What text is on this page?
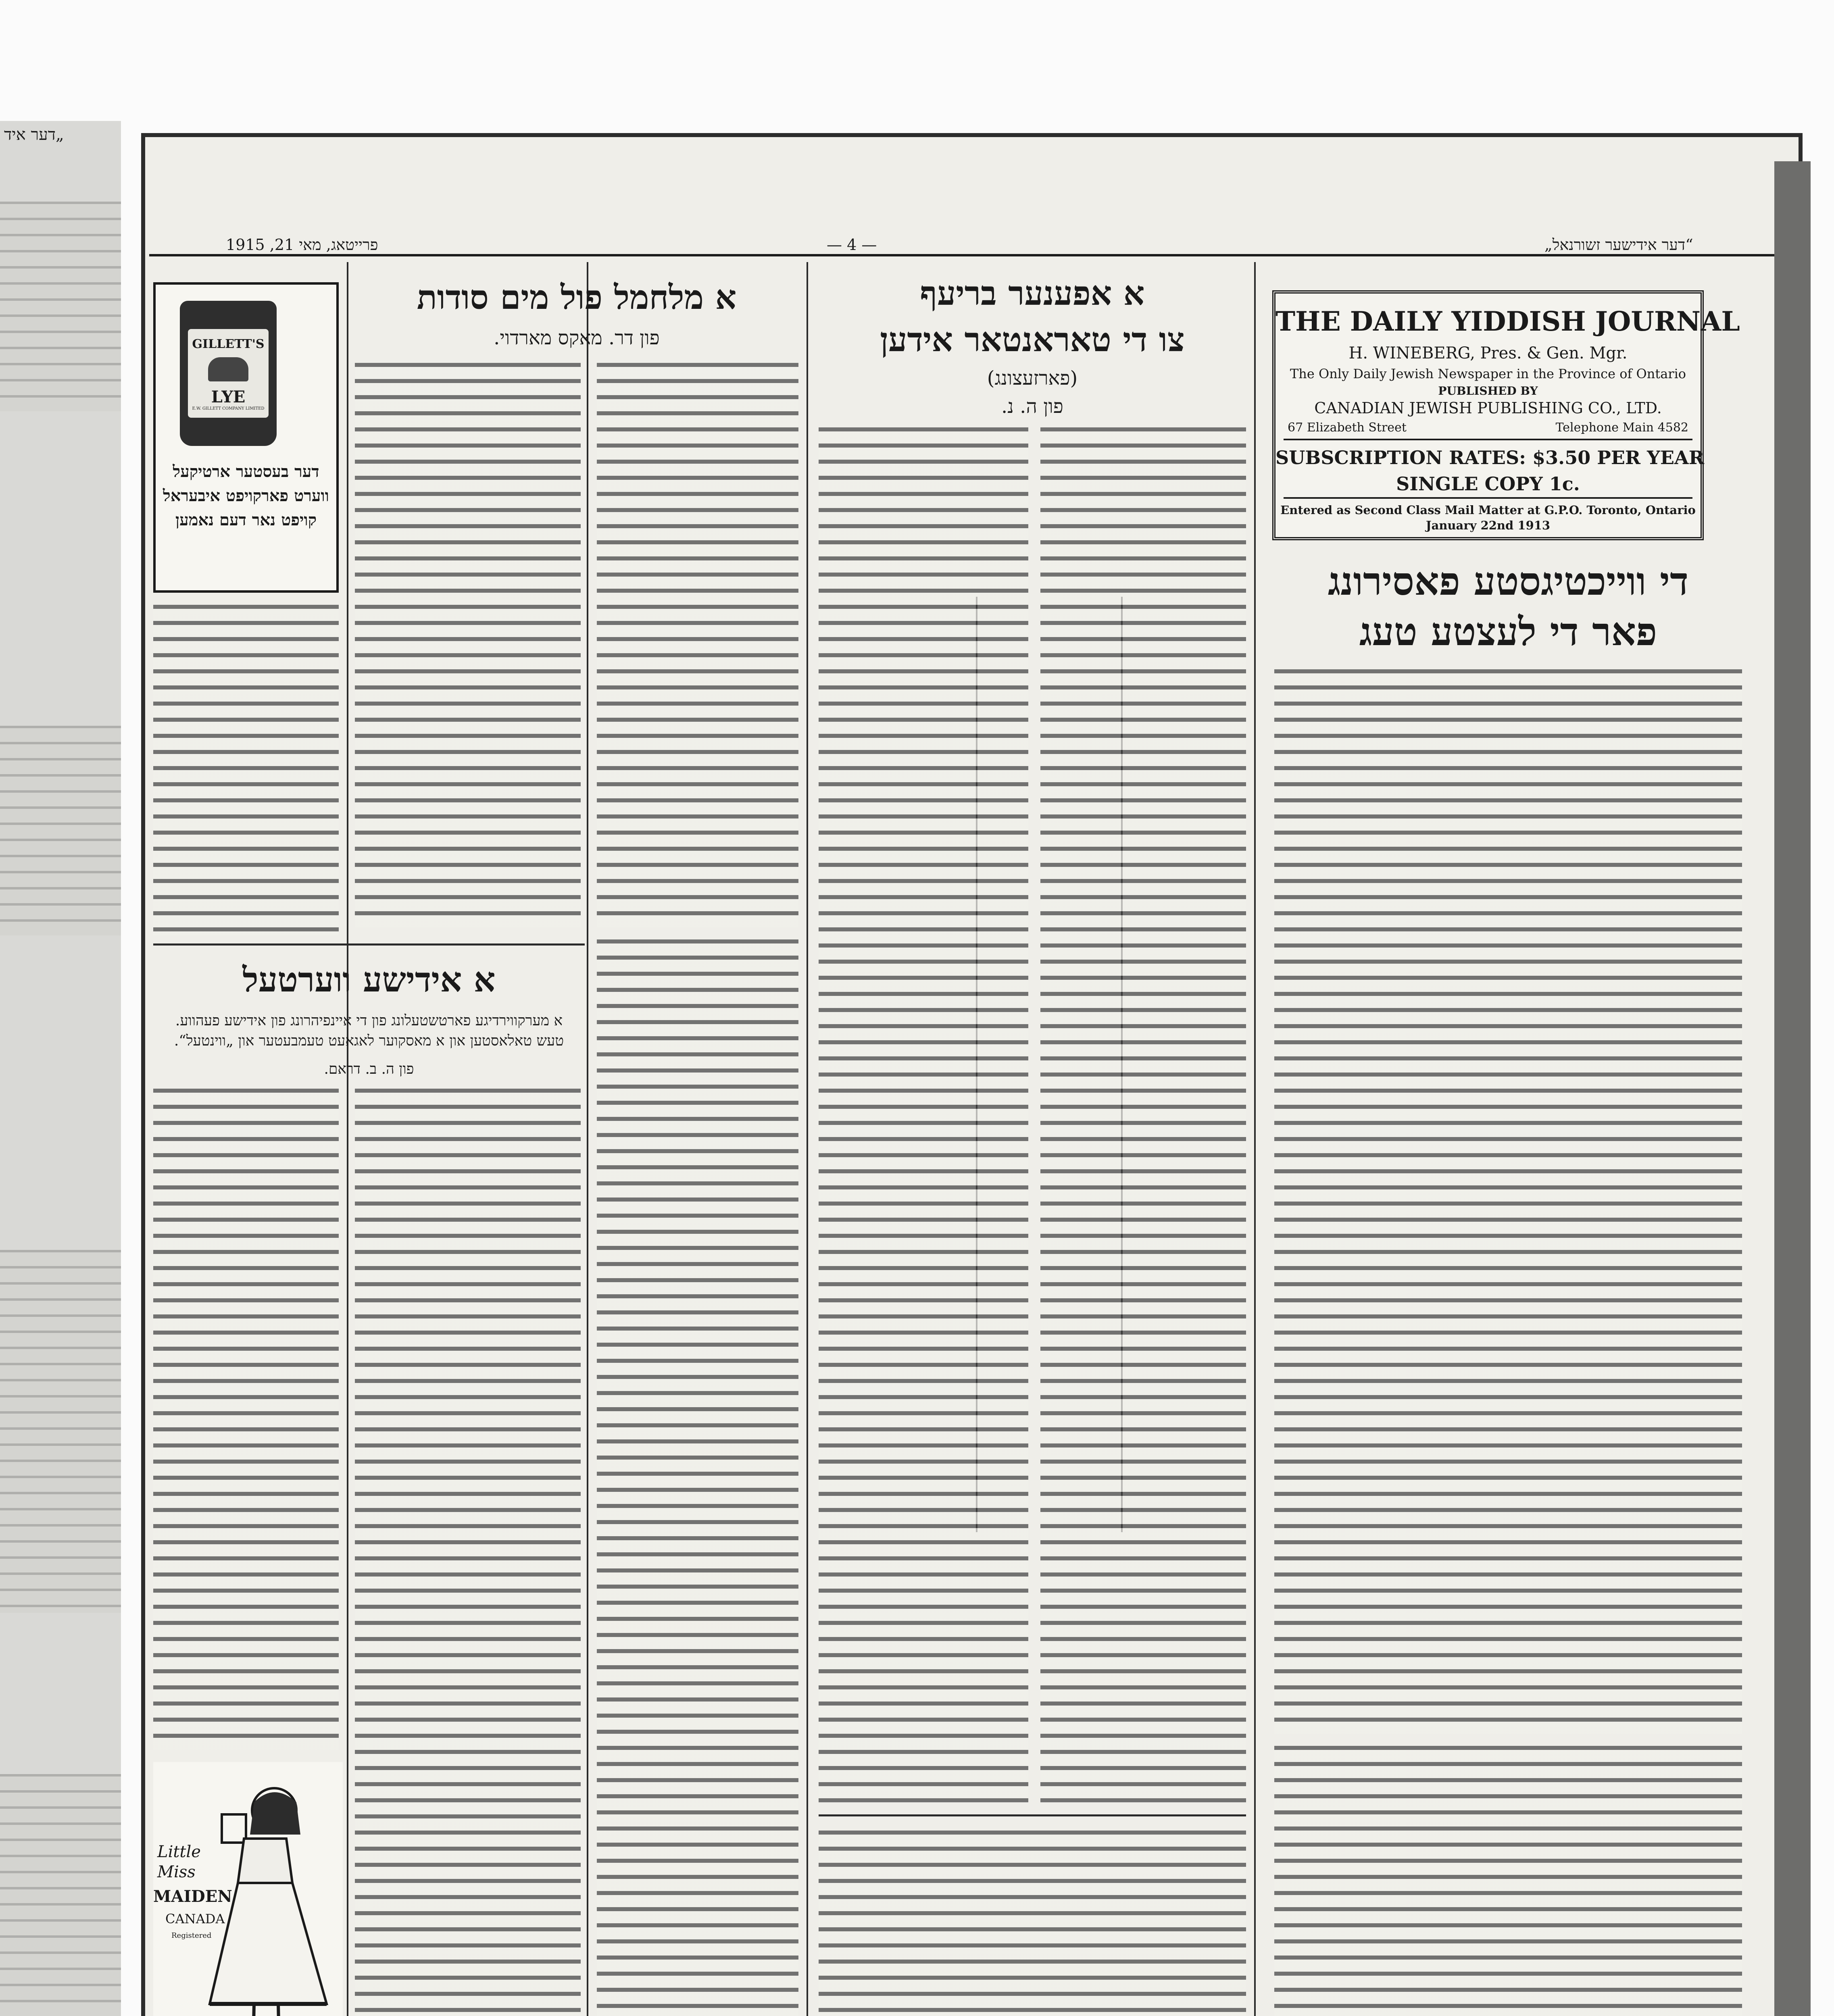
„דער איד
„דער אידישער זשורנאל“
— 4 —
פרייטאג, מאי 21, 1915
THE DAILY YIDDISH JOURNAL
H. WINEBERG, Pres. & Gen. Mgr.
The Only Daily Jewish Newspaper in the Province of Ontario
PUBLISHED BY
CANADIAN JEWISH PUBLISHING CO., LTD.
67 Elizabeth Street	Telephone Main 4582
SUBSCRIPTION RATES: $3.50 PER YEAR
SINGLE COPY 1c.
Entered as Second Class Mail Matter at G.P.O. Toronto, Ontario
January 22nd 1913
די ווייכטיגסטע פאסירונג
פאר די לעצטע טעג
א אפענער בריעף
צו די טאראנטאר אידען
(פארזעצונג)
פון ה. נ.
א מלחמל פול מים סודות
פון דר. מאקס מארדוי.
GILLETT'S
LYE
E.W. GILLETT COMPANY LIMITED
דער בעסטער ארטיקעל
ווערט פארקויפט איבעראל
קויפט נאר דעם נאמען
א אידישע ווערטעל
א מערקווירדיגע פארטשטעלונג פון די איינפיהרונג פון אידישע פעהווע.
טעש טאלאסטען און א מאסקוער לאגאעט טעמבעטער און „ווינטעל“.
פון ה. ב. דראם.
Little
Miss
MAIDEN
CANADA
Registered
